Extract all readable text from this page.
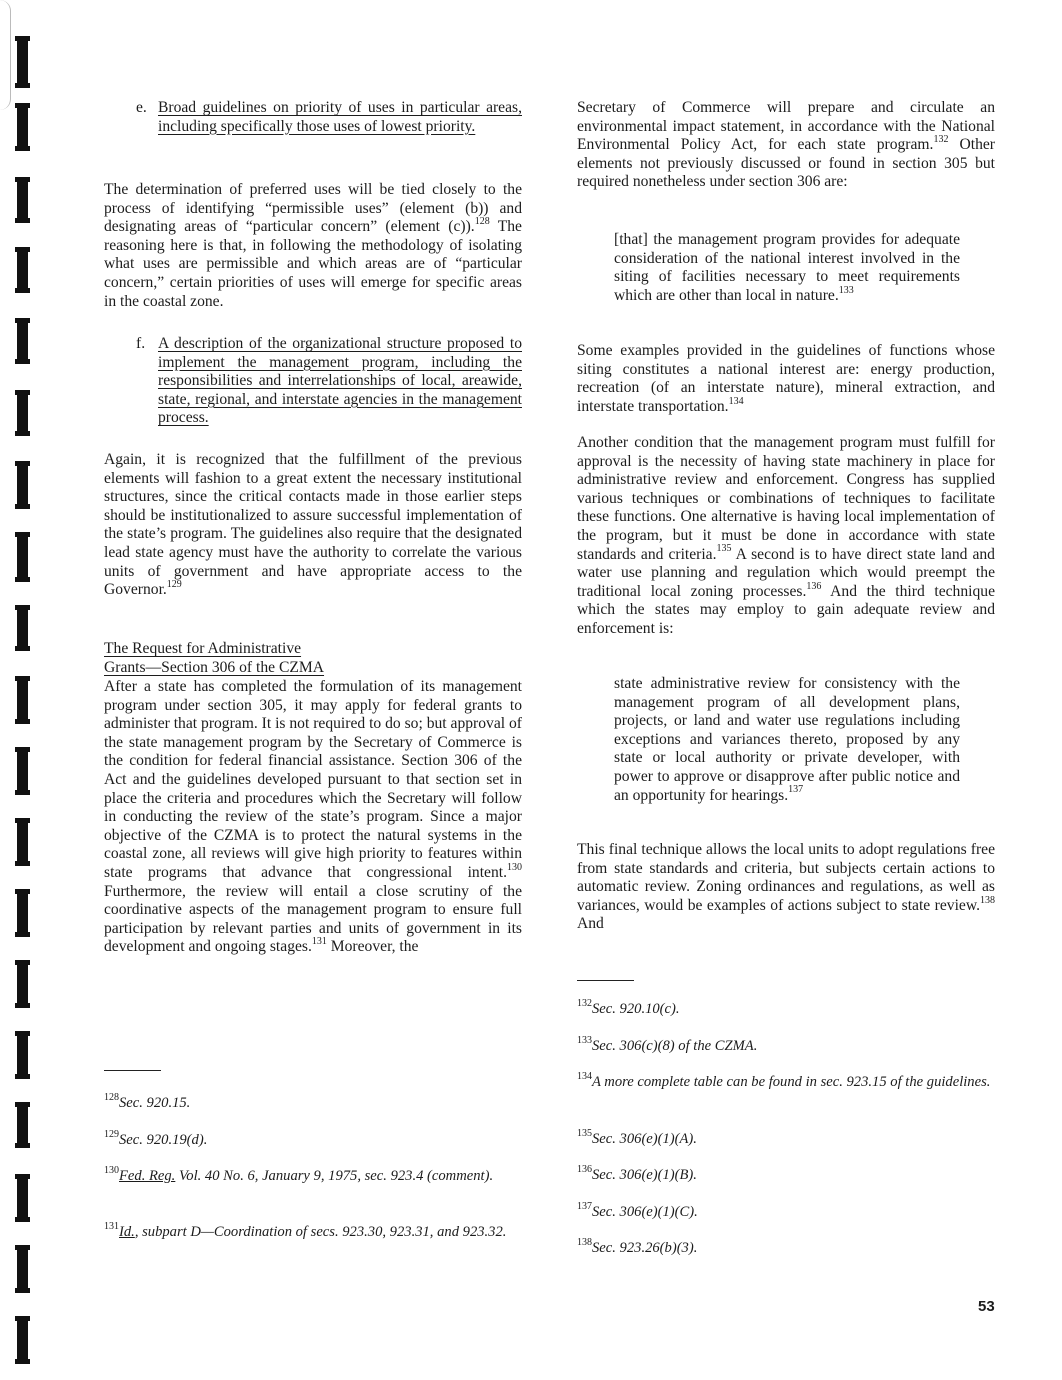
e. Broad guidelines on priority of uses in particular areas, including specifically those uses of lowest priority.

The determination of preferred uses will be tied closely to the process of identifying “permissible uses” (element (b)) and designating areas of “particular concern” (element (c)).$^{128}$ The reasoning here is that, in following the methodology of isolating what uses are permissible and which areas are of “particular concern,” certain priorities of uses will emerge for specific areas in the coastal zone.

f. A description of the organizational structure proposed to implement the management program, including the responsibilities and interrelationships of local, areawide, state, regional, and interstate agencies in the management process.

Again, it is recognized that the fulfillment of the previous elements will fashion to a great extent the necessary institutional structures, since the critical contacts made in those earlier steps should be institutionalized to assure successful implementation of the state’s program. The guidelines also require that the designated lead state agency must have the authority to correlate the various units of government and have appropriate access to the Governor.$^{129}$

The Request for Administrative
Grants—Section 306 of the CZMA

After a state has completed the formulation of its management program under section 305, it may apply for federal grants to administer that program. It is not required to do so; but approval of the state management program by the Secretary of Commerce is the condition for federal financial assistance. Section 306 of the Act and the guidelines developed pursuant to that section set in place the criteria and procedures which the Secretary will follow in conducting the review of the state’s program. Since a major objective of the CZMA is to protect the natural systems in the coastal zone, all reviews will give high priority to features within state programs that advance that congressional intent.$^{130}$ Furthermore, the review will entail a close scrutiny of the coordinative aspects of the management program to ensure full participation by relevant parties and units of government in its development and ongoing stages.$^{131}$ Moreover, the

$^{128}$Sec. 920.15.
$^{129}$Sec. 920.19(d).
$^{130}$Fed. Reg. Vol. 40 No. 6, January 9, 1975, sec. 923.4 (comment).
$^{131}$Id., subpart D—Coordination of secs. 923.30, 923.31, and 923.32.

Secretary of Commerce will prepare and circulate an environmental impact statement, in accordance with the National Environmental Policy Act, for each state program.$^{132}$ Other elements not previously discussed or found in section 305 but required nonetheless under section 306 are:

[that] the management program provides for adequate consideration of the national interest involved in the siting of facilities necessary to meet requirements which are other than local in nature.$^{133}$

Some examples provided in the guidelines of functions whose siting constitutes a national interest are: energy production, recreation (of an interstate nature), mineral extraction, and interstate transportation.$^{134}$

Another condition that the management program must fulfill for approval is the necessity of having state machinery in place for administrative review and enforcement. Congress has supplied various techniques or combinations of techniques to facilitate these functions. One alternative is having local implementation of the program, but it must be done in accordance with state standards and criteria.$^{135}$ A second is to have direct state land and water use planning and regulation which would preempt the traditional local zoning processes.$^{136}$ And the third technique which the states may employ to gain adequate review and enforcement is:

state administrative review for consistency with the management program of all development plans, projects, or land and water use regulations including exceptions and variances thereto, proposed by any state or local authority or private developer, with power to approve or disapprove after public notice and an opportunity for hearings.$^{137}$

This final technique allows the local units to adopt regulations free from state standards and criteria, but subjects certain actions to automatic review. Zoning ordinances and regulations, as well as variances, would be examples of actions subject to state review.$^{138}$ And

$^{132}$Sec. 920.10(c).
$^{133}$Sec. 306(c)(8) of the CZMA.
$^{134}$A more complete table can be found in sec. 923.15 of the guidelines.
$^{135}$Sec. 306(e)(1)(A).
$^{136}$Sec. 306(e)(1)(B).
$^{137}$Sec. 306(e)(1)(C).
$^{138}$Sec. 923.26(b)(3).
53
